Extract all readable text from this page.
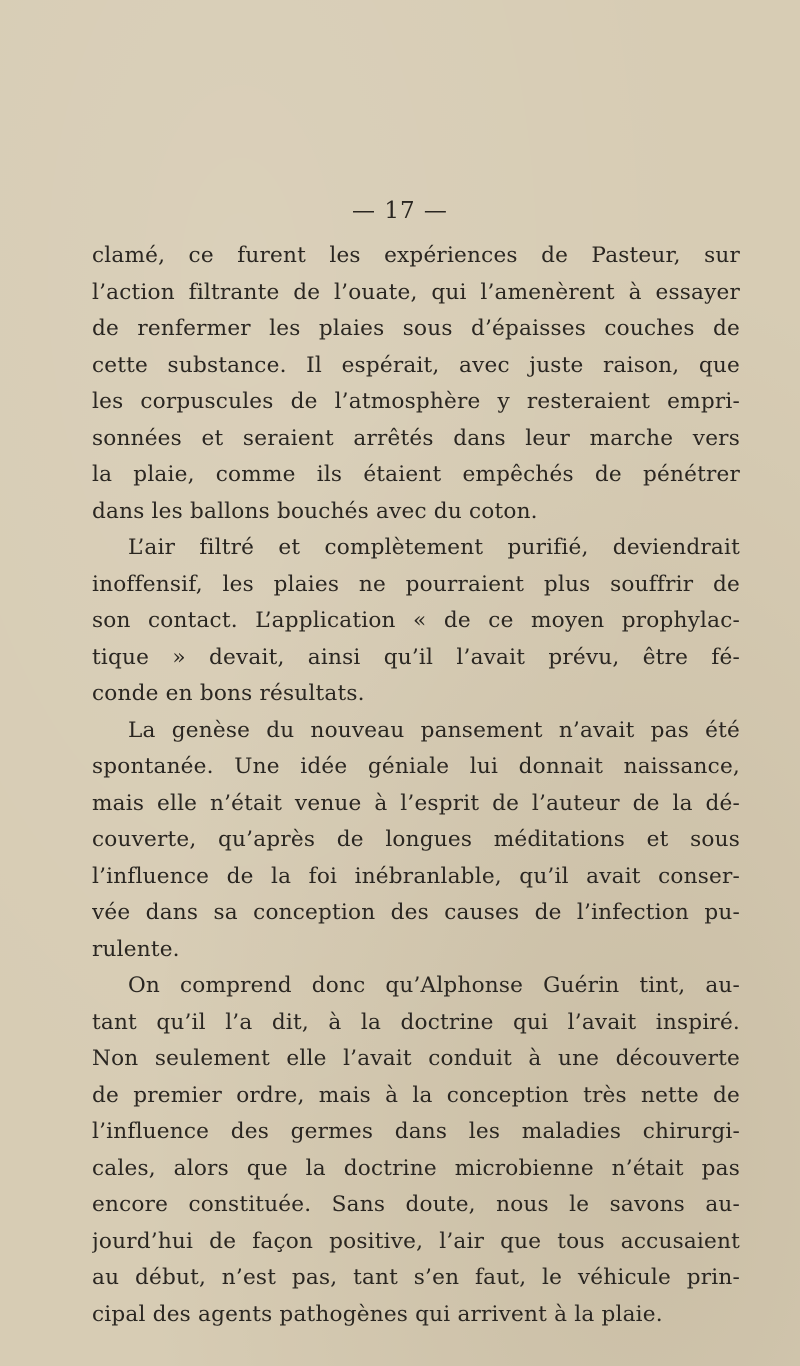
— 17 —
clamé, ce furent les expériences de Pasteur, sur
l’action filtrante de l’ouate, qui l’amenèrent à essayer
de renfermer les plaies sous d’épaisses couches de
cette substance. Il espérait, avec juste raison, que
les corpuscules de l’atmosphère y resteraient empri-
sonnées et seraient arrêtés dans leur marche vers
la plaie, comme ils étaient empêchés de pénétrer
dans les ballons bouchés avec du coton.
L’air filtré et complètement purifié, deviendrait
inoffensif, les plaies ne pourraient plus souffrir de
son contact. L’application « de ce moyen prophylac-
tique » devait, ainsi qu’il l’avait prévu, être fé-
conde en bons résultats.
La genèse du nouveau pansement n’avait pas été
spontanée. Une idée géniale lui donnait naissance,
mais elle n’était venue à l’esprit de l’auteur de la dé-
couverte, qu’après de longues méditations et sous
l’influence de la foi inébranlable, qu’il avait conser-
vée dans sa conception des causes de l’infection pu-
rulente.
On comprend donc qu’Alphonse Guérin tint, au-
tant qu’il l’a dit, à la doctrine qui l’avait inspiré.
Non seulement elle l’avait conduit à une découverte
de premier ordre, mais à la conception très nette de
l’influence des germes dans les maladies chirurgi-
cales, alors que la doctrine microbienne n’était pas
encore constituée. Sans doute, nous le savons au-
jourd’hui de façon positive, l’air que tous accusaient
au début, n’est pas, tant s’en faut, le véhicule prin-
cipal des agents pathogènes qui arrivent à la plaie.
